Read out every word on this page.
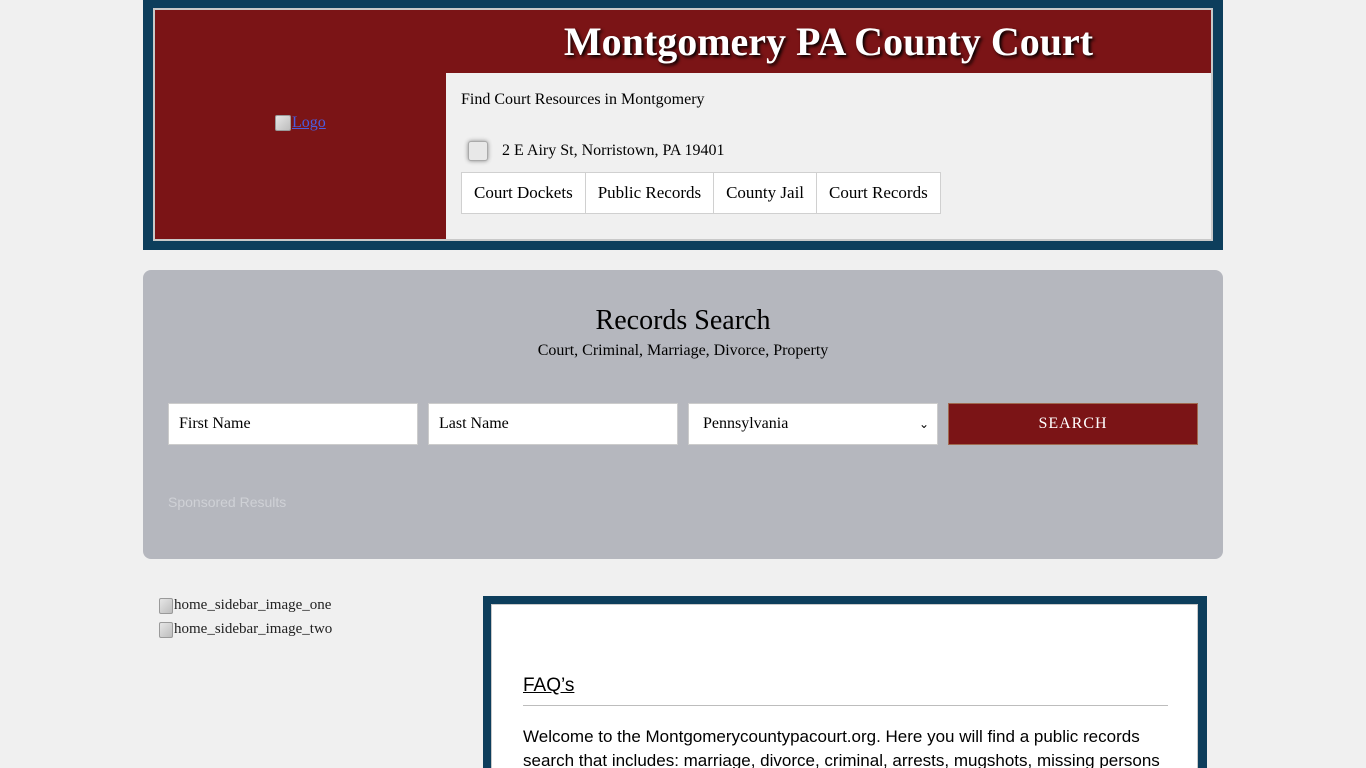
Logo
Montgomery PA County Court
Find Court Resources in Montgomery
2 E Airy St, Norristown, PA 19401
Court Dockets	Public Records	County Jail	Court Records
Records Search
Court, Criminal, Marriage, Divorce, Property
First Name
Last Name
Pennsylvania	⌄	SEARCH
Sponsored Results
home_sidebar_image_one
home_sidebar_image_two
FAQ’s

Welcome to the Montgomerycountypacourt.org. Here you will find a public records search that includes: marriage, divorce, criminal, arrests, mugshots, missing persons
